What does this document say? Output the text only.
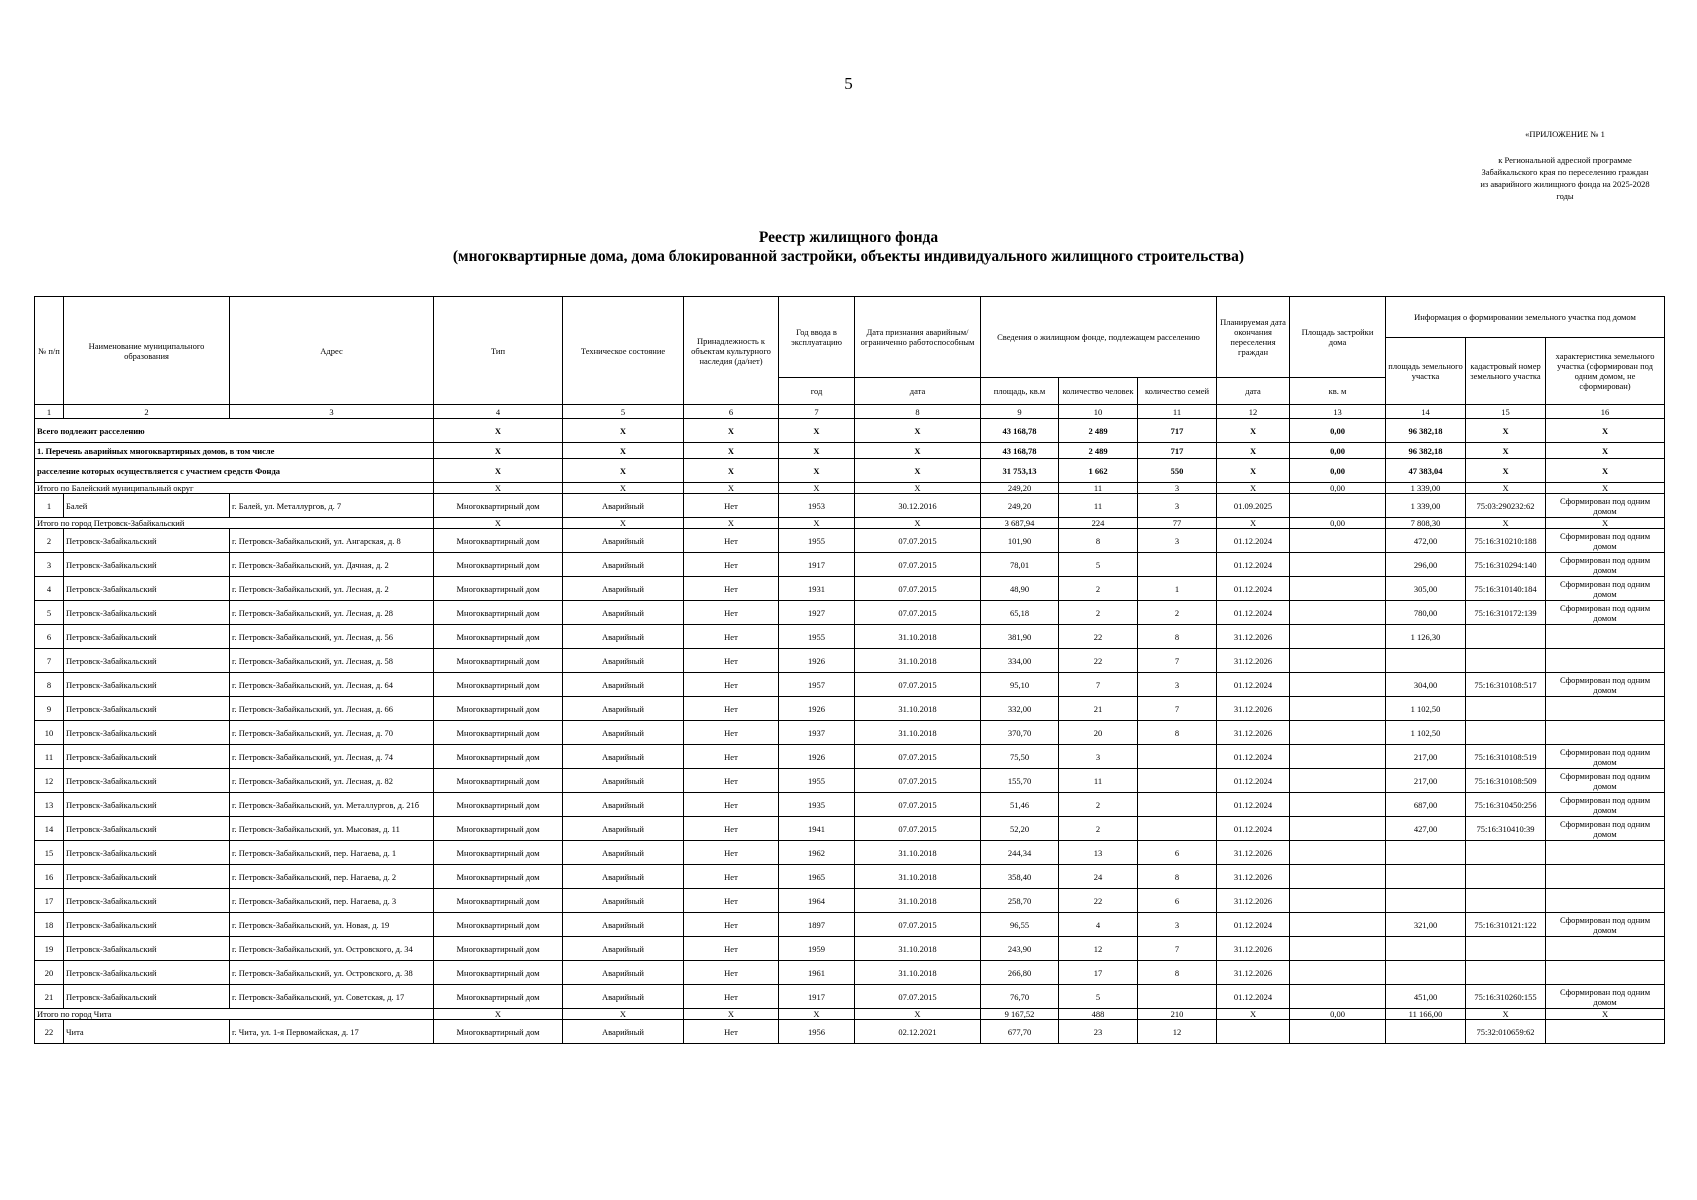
5
«ПРИЛОЖЕНИЕ № 1
к Региональной адресной программе
Забайкальского края по переселению граждан
из аварийного жилищного фонда на 2025-2028
годы
Реестр жилищного фонда
(многоквартирные дома, дома блокированной застройки, объекты индивидуального жилищного строительства)
№ п/п	Наименование муниципального образования	Адрес	Тип	Техническое состояние	Принадлежность к объектам культурного наследия (да/нет)	Год ввода в эксплуатацию	Дата признания аварийным/ограниченно работоспособным	Сведения о жилищном фонде, подлежащем расселению			Планируемая дата окончания переселения граждан	Площадь застройки дома	Информация о формировании земельного участка под домом		
													площадь земельного участка	кадастровый номер земельного участка	характеристика земельного участка (сформирован под одним домом, не сформирован)
						год	дата	площадь, кв.м	количество человек	количество семей	дата	кв. м			
1	2	3	4	5	6	7	8	9	10	11	12	13	14	15	16
Всего подлежит расселению			X	X	X	X	X	43 168,78	2 489	717	X	0,00	96 382,18	X	X
1. Перечень аварийных многоквартирных домов, в том числе			X	X	X	X	X	43 168,78	2 489	717	X	0,00	96 382,18	X	X
расселение которых осуществляется с участием средств Фонда			X	X	X	X	X	31 753,13	1 662	550	X	0,00	47 383,04	X	X
Итого по Балейский муниципальный округ			X	X	X	X	X	249,20	11	3	X	0,00	1 339,00	X	X
1	Балей	г. Балей, ул. Металлургов, д. 7	Многоквартирный дом	Аварийный	Нет	1953	30.12.2016	249,20	11	3	01.09.2025		1 339,00	75:03:290232:62	Сформирован под одним домом
Итого по город Петровск-Забайкальский			X	X	X	X	X	3 687,94	224	77	X	0,00	7 808,30	X	X
2	Петровск-Забайкальский	г. Петровск-Забайкальский, ул. Ангарская, д. 8	Многоквартирный дом	Аварийный	Нет	1955	07.07.2015	101,90	8	3	01.12.2024		472,00	75:16:310210:188	Сформирован под одним домом
3	Петровск-Забайкальский	г. Петровск-Забайкальский, ул. Дачная, д. 2	Многоквартирный дом	Аварийный	Нет	1917	07.07.2015	78,01	5		01.12.2024		296,00	75:16:310294:140	Сформирован под одним домом
4	Петровск-Забайкальский	г. Петровск-Забайкальский, ул. Лесная, д. 2	Многоквартирный дом	Аварийный	Нет	1931	07.07.2015	48,90	2	1	01.12.2024		305,00	75:16:310140:184	Сформирован под одним домом
5	Петровск-Забайкальский	г. Петровск-Забайкальский, ул. Лесная, д. 28	Многоквартирный дом	Аварийный	Нет	1927	07.07.2015	65,18	2	2	01.12.2024		780,00	75:16:310172:139	Сформирован под одним домом
6	Петровск-Забайкальский	г. Петровск-Забайкальский, ул. Лесная, д. 56	Многоквартирный дом	Аварийный	Нет	1955	31.10.2018	381,90	22	8	31.12.2026		1 126,30		
7	Петровск-Забайкальский	г. Петровск-Забайкальский, ул. Лесная, д. 58	Многоквартирный дом	Аварийный	Нет	1926	31.10.2018	334,00	22	7	31.12.2026				
8	Петровск-Забайкальский	г. Петровск-Забайкальский, ул. Лесная, д. 64	Многоквартирный дом	Аварийный	Нет	1957	07.07.2015	95,10	7	3	01.12.2024		304,00	75:16:310108:517	Сформирован под одним домом
9	Петровск-Забайкальский	г. Петровск-Забайкальский, ул. Лесная, д. 66	Многоквартирный дом	Аварийный	Нет	1926	31.10.2018	332,00	21	7	31.12.2026		1 102,50		
10	Петровск-Забайкальский	г. Петровск-Забайкальский, ул. Лесная, д. 70	Многоквартирный дом	Аварийный	Нет	1937	31.10.2018	370,70	20	8	31.12.2026		1 102,50		
11	Петровск-Забайкальский	г. Петровск-Забайкальский, ул. Лесная, д. 74	Многоквартирный дом	Аварийный	Нет	1926	07.07.2015	75,50	3		01.12.2024		217,00	75:16:310108:519	Сформирован под одним домом
12	Петровск-Забайкальский	г. Петровск-Забайкальский, ул. Лесная, д. 82	Многоквартирный дом	Аварийный	Нет	1955	07.07.2015	155,70	11		01.12.2024		217,00	75:16:310108:509	Сформирован под одним домом
13	Петровск-Забайкальский	г. Петровск-Забайкальский, ул. Металлургов, д. 21б	Многоквартирный дом	Аварийный	Нет	1935	07.07.2015	51,46	2		01.12.2024		687,00	75:16:310450:256	Сформирован под одним домом
14	Петровск-Забайкальский	г. Петровск-Забайкальский, ул. Мысовая, д. 11	Многоквартирный дом	Аварийный	Нет	1941	07.07.2015	52,20	2		01.12.2024		427,00	75:16:310410:39	Сформирован под одним домом
15	Петровск-Забайкальский	г. Петровск-Забайкальский, пер. Нагаева, д. 1	Многоквартирный дом	Аварийный	Нет	1962	31.10.2018	244,34	13	6	31.12.2026				
16	Петровск-Забайкальский	г. Петровск-Забайкальский, пер. Нагаева, д. 2	Многоквартирный дом	Аварийный	Нет	1965	31.10.2018	358,40	24	8	31.12.2026				
17	Петровск-Забайкальский	г. Петровск-Забайкальский, пер. Нагаева, д. 3	Многоквартирный дом	Аварийный	Нет	1964	31.10.2018	258,70	22	6	31.12.2026				
18	Петровск-Забайкальский	г. Петровск-Забайкальский, ул. Новая, д. 19	Многоквартирный дом	Аварийный	Нет	1897	07.07.2015	96,55	4	3	01.12.2024		321,00	75:16:310121:122	Сформирован под одним домом
19	Петровск-Забайкальский	г. Петровск-Забайкальский, ул. Островского, д. 34	Многоквартирный дом	Аварийный	Нет	1959	31.10.2018	243,90	12	7	31.12.2026				
20	Петровск-Забайкальский	г. Петровск-Забайкальский, ул. Островского, д. 38	Многоквартирный дом	Аварийный	Нет	1961	31.10.2018	266,80	17	8	31.12.2026				
21	Петровск-Забайкальский	г. Петровск-Забайкальский, ул. Советская, д. 17	Многоквартирный дом	Аварийный	Нет	1917	07.07.2015	76,70	5		01.12.2024		451,00	75:16:310260:155	Сформирован под одним домом
Итого по город Чита			X	X	X	X	X	9 167,52	488	210	X	0,00	11 166,00	X	X
22	Чита	г. Чита, ул. 1-я Первомайская, д. 17	Многоквартирный дом	Аварийный	Нет	1956	02.12.2021	677,70	23	12				75:32:010659:62	
